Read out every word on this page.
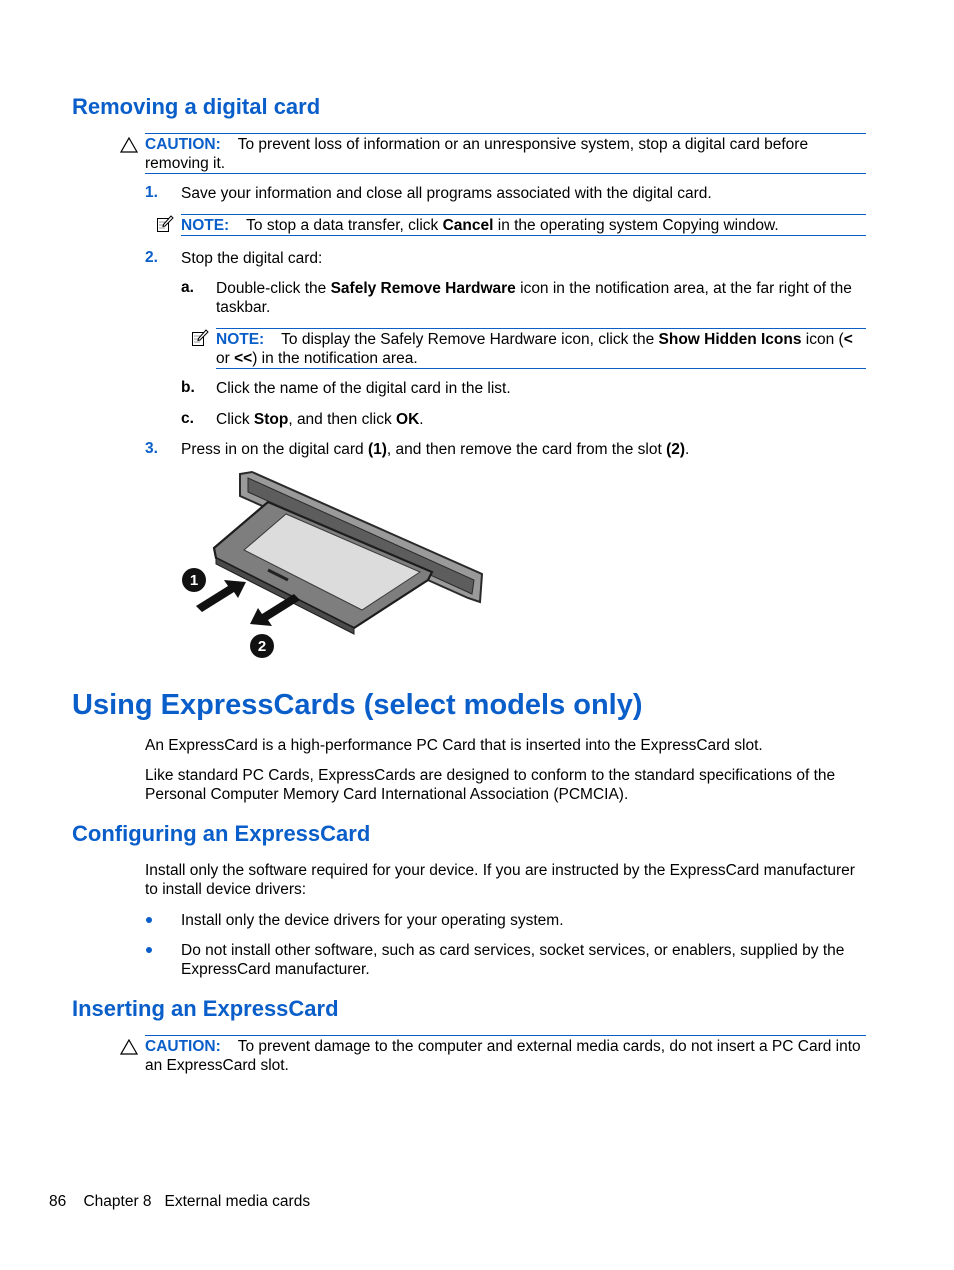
Removing a digital card
CAUTION: To prevent loss of information or an unresponsive system, stop a digital card before removing it.
1. Save your information and close all programs associated with the digital card.

NOTE: To stop a data transfer, click Cancel in the operating system Copying window.
2. Stop the digital card:

a. Double-click the Safely Remove Hardware icon in the notification area, at the far right of the taskbar.

NOTE: To display the Safely Remove Hardware icon, click the Show Hidden Icons icon (< or <<) in the notification area.
b. Click the name of the digital card in the list.

c. Click Stop, and then click OK.

3. Press in on the digital card (1), and then remove the card from the slot (2).

1
2
Using ExpressCards (select models only)

An ExpressCard is a high-performance PC Card that is inserted into the ExpressCard slot.

Like standard PC Cards, ExpressCards are designed to conform to the standard specifications of the Personal Computer Memory Card International Association (PCMCIA).

Configuring an ExpressCard

Install only the software required for your device. If you are instructed by the ExpressCard manufacturer to install device drivers:

Install only the device drivers for your operating system.

Do not install other software, such as card services, socket services, or enablers, supplied by the ExpressCard manufacturer.

Inserting an ExpressCard
CAUTION: To prevent damage to the computer and external media cards, do not insert a PC Card into an ExpressCard slot.
86 Chapter 8 External media cards
